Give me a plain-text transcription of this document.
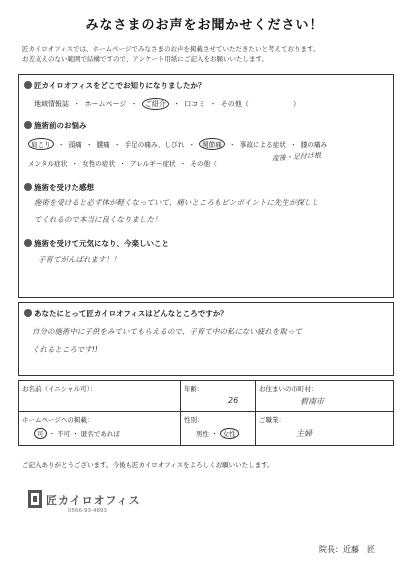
みなさまのお声をお聞かせください！
匠カイロオフィスでは、ホームページでみなさまのお声を掲載させていただきたいと考えております。
お差支えのない範囲で結構ですので、アンケート用紙にご記入をお願いいたします。
匠カイロオフィスをどこでお知りになりましたか？
地域情報誌 ・ ホームページ ・ ご紹介 ・ 口コミ ・ その他（	）
施術前のお悩み
肩こり ・ 頭痛 ・ 腰痛 ・ 手足の痛み、しびれ ・ 関節痛 ・ 事故による症状 ・ 膝の痛み
メンタル症状 ・ 女性の症状 ・ アレルギー症状 ・ その他（
産後・足付け根
施術を受けた感想
施術を受けると必ず体が軽くなっていて、痛いところもピンポイントに先生が探しし
てくれるので本当に良くなりました！
施術を受けて元気になり、今楽しいこと
子育てがんばれます！！
あなたにとって匠カイロオフィスはどんなところですか？
自分の施術中に子供をみていてもらえるので、子育て中の私にない疲れを取って
くれるところです!!
お名前（イニシャル可）：	年齢：
26
お住まいの市町村：
碧南市
ホームページへの掲載：
可 ・ 不可 ・ 匿名であれば
性別：
男性 ・ 女性
ご職業：
主婦
ご記入ありがとうございます。今後も匠カイロオフィスをよろしくお願いいたします。
匠カイロオフィス
0566-93-4893
院長：近藤　匠
